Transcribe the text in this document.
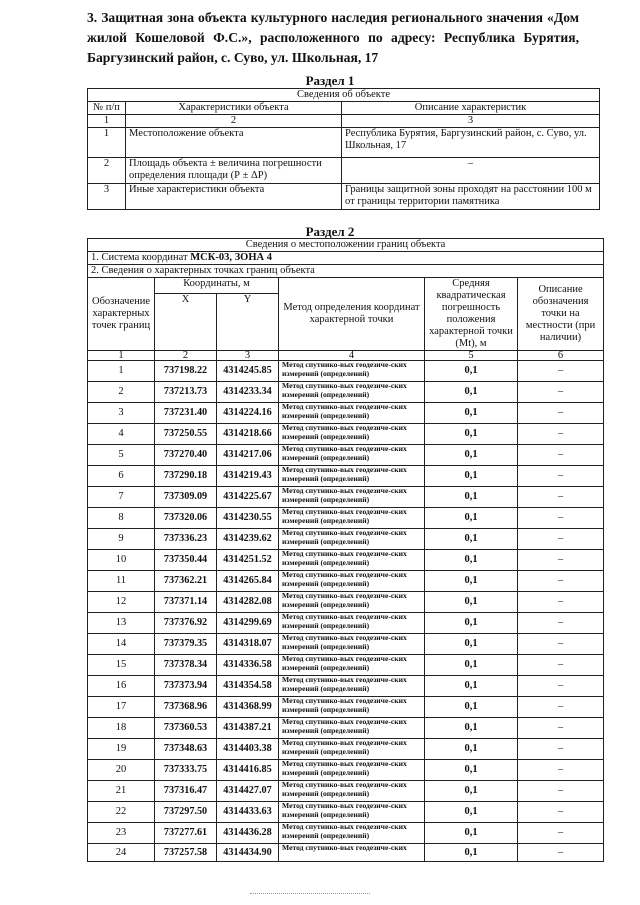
3. Защитная зона объекта культурного наследия регионального значения «Дом жилой Кошеловой Ф.С.», расположенного по адресу: Республика Бурятия, Баргузинский район, с. Суво, ул. Школьная, 17
Раздел 1
Сведения об объекте		
№ п/п	Характеристики объекта	Описание характеристик
1	2	3
1	Местоположение объекта	Республика Бурятия, Баргузинский район, с. Суво, ул. Школьная, 17
2	Площадь объекта ± величина погрешности определения площади (Р ± ΔР)	–
3	Иные характеристики объекта	Границы защитной зоны проходят на расстоянии 100 м от границы территории памятника
Раздел 2
Сведения о местоположении границ объекта					
1. Система координат МСК-03, ЗОНА 4					
2. Сведения о характерных точках границ объекта					
Обозначение характерных точек границ	Координаты, м		Метод определения координат характерной точки	Средняя квадратическая погрешность положения характерной точки (Mt), м	Описание обозначения точки на местности (при наличии)
	X	Y			
1	2	3	4	5	6
1	737198.22	4314245.85	Метод спутнико-вых геодезиче-ских измерений (определений)	0,1	–
2	737213.73	4314233.34	Метод спутнико-вых геодезиче-ских измерений (определений)	0,1	–
3	737231.40	4314224.16	Метод спутнико-вых геодезиче-ских измерений (определений)	0,1	–
4	737250.55	4314218.66	Метод спутнико-вых геодезиче-ских измерений (определений)	0,1	–
5	737270.40	4314217.06	Метод спутнико-вых геодезиче-ских измерений (определений)	0,1	–
6	737290.18	4314219.43	Метод спутнико-вых геодезиче-ских измерений (определений)	0,1	–
7	737309.09	4314225.67	Метод спутнико-вых геодезиче-ских измерений (определений)	0,1	–
8	737320.06	4314230.55	Метод спутнико-вых геодезиче-ских измерений (определений)	0,1	–
9	737336.23	4314239.62	Метод спутнико-вых геодезиче-ских измерений (определений)	0,1	–
10	737350.44	4314251.52	Метод спутнико-вых геодезиче-ских измерений (определений)	0,1	–
11	737362.21	4314265.84	Метод спутнико-вых геодезиче-ских измерений (определений)	0,1	–
12	737371.14	4314282.08	Метод спутнико-вых геодезиче-ских измерений (определений)	0,1	–
13	737376.92	4314299.69	Метод спутнико-вых геодезиче-ских измерений (определений)	0,1	–
14	737379.35	4314318.07	Метод спутнико-вых геодезиче-ских измерений (определений)	0,1	–
15	737378.34	4314336.58	Метод спутнико-вых геодезиче-ских измерений (определений)	0,1	–
16	737373.94	4314354.58	Метод спутнико-вых геодезиче-ских измерений (определений)	0,1	–
17	737368.96	4314368.99	Метод спутнико-вых геодезиче-ских измерений (определений)	0,1	–
18	737360.53	4314387.21	Метод спутнико-вых геодезиче-ских измерений (определений)	0,1	–
19	737348.63	4314403.38	Метод спутнико-вых геодезиче-ских измерений (определений)	0,1	–
20	737333.75	4314416.85	Метод спутнико-вых геодезиче-ских измерений (определений)	0,1	–
21	737316.47	4314427.07	Метод спутнико-вых геодезиче-ских измерений (определений)	0,1	–
22	737297.50	4314433.63	Метод спутнико-вых геодезиче-ских измерений (определений)	0,1	–
23	737277.61	4314436.28	Метод спутнико-вых геодезиче-ских измерений (определений)	0,1	–
24	737257.58	4314434.90	Метод спутнико-вых геодезиче-ских	0,1	–
